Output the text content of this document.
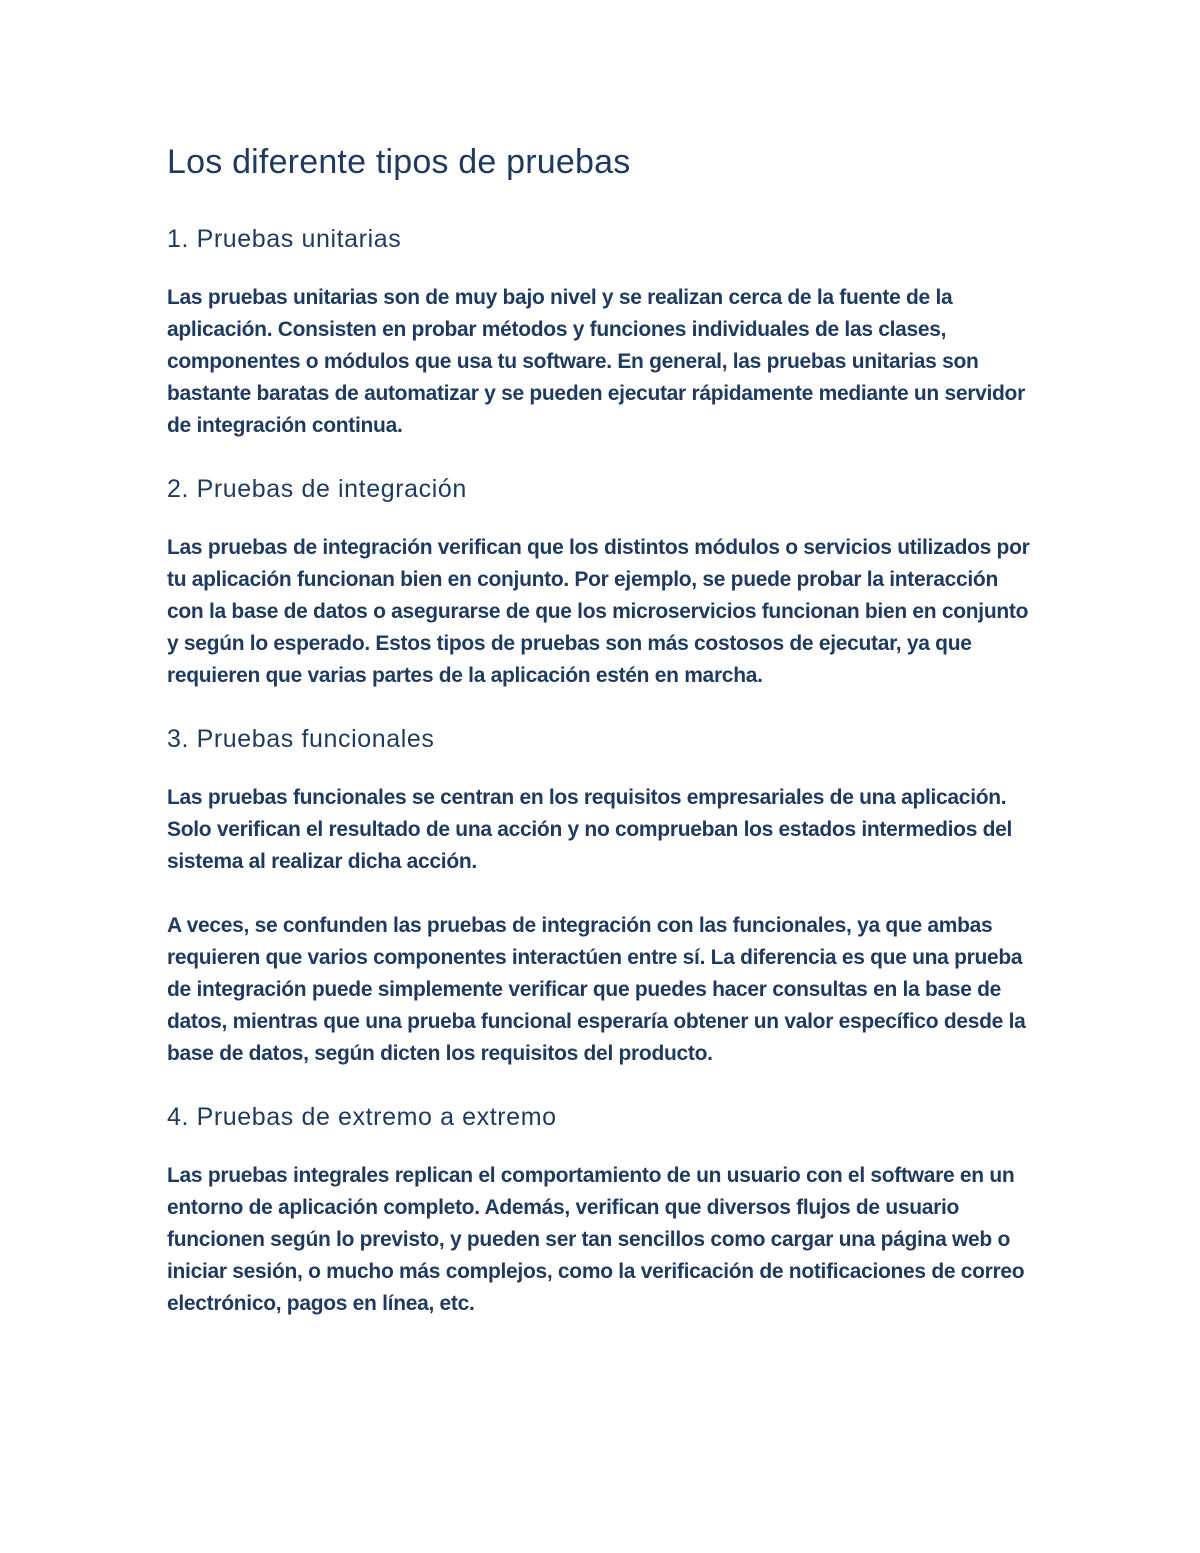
Los diferente tipos de pruebas
1. Pruebas unitarias

Las pruebas unitarias son de muy bajo nivel y se realizan cerca de la fuente de la aplicación. Consisten en probar métodos y funciones individuales de las clases, componentes o módulos que usa tu software. En general, las pruebas unitarias son bastante baratas de automatizar y se pueden ejecutar rápidamente mediante un servidor de integración continua.

2. Pruebas de integración

Las pruebas de integración verifican que los distintos módulos o servicios utilizados por tu aplicación funcionan bien en conjunto. Por ejemplo, se puede probar la interacción con la base de datos o asegurarse de que los microservicios funcionan bien en conjunto y según lo esperado. Estos tipos de pruebas son más costosos de ejecutar, ya que requieren que varias partes de la aplicación estén en marcha.

3. Pruebas funcionales

Las pruebas funcionales se centran en los requisitos empresariales de una aplicación. Solo verifican el resultado de una acción y no comprueban los estados intermedios del sistema al realizar dicha acción.

A veces, se confunden las pruebas de integración con las funcionales, ya que ambas requieren que varios componentes interactúen entre sí. La diferencia es que una prueba de integración puede simplemente verificar que puedes hacer consultas en la base de datos, mientras que una prueba funcional esperaría obtener un valor específico desde la base de datos, según dicten los requisitos del producto.

4. Pruebas de extremo a extremo

Las pruebas integrales replican el comportamiento de un usuario con el software en un entorno de aplicación completo. Además, verifican que diversos flujos de usuario funcionen según lo previsto, y pueden ser tan sencillos como cargar una página web o iniciar sesión, o mucho más complejos, como la verificación de notificaciones de correo electrónico, pagos en línea, etc.
